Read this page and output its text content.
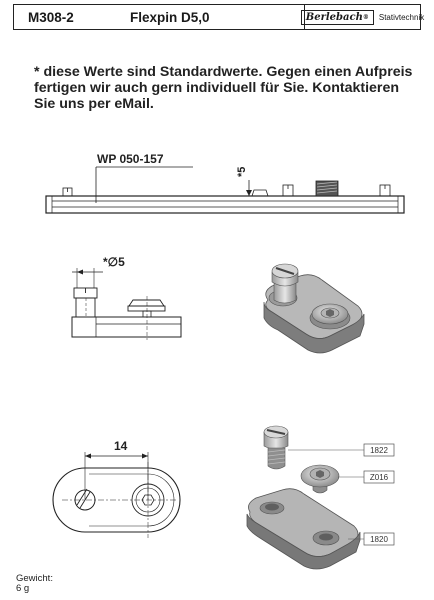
M308-2	Flexpin D5,0	Berlebach®	Stativtechnik
* diese Werte sind Standardwerte. Gegen einen Aufpreis fertigen wir auch gern individuell für Sie. Kontaktieren Sie uns per eMail.
WP 050-157
*5
*∅5
14	1822
Z016
1820
Gewicht:
6 g
